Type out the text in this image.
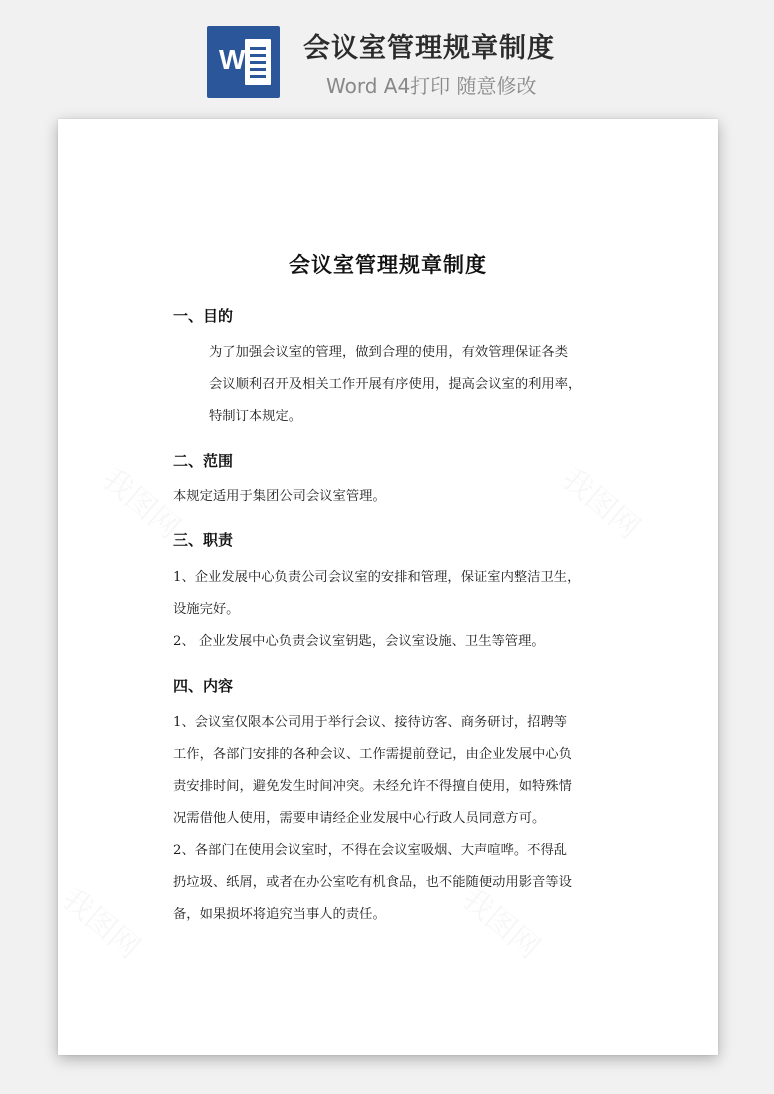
W 会议室管理规章制度
Word A4打印 随意修改
会议室管理规章制度
一、目的
为了加强会议室的管理，做到合理的使用，有效管理保证各类
会议顺利召开及相关工作开展有序使用，提高会议室的利用率，
特制订本规定。
二、范围
本规定适用于集团公司会议室管理。
三、职责
1、企业发展中心负责公司会议室的安排和管理，保证室内整洁卫生，
设施完好。
2、 企业发展中心负责会议室钥匙，会议室设施、卫生等管理。
四、内容
1、会议室仅限本公司用于举行会议、接待访客、商务研讨，招聘等
工作，各部门安排的各种会议、工作需提前登记，由企业发展中心负
责安排时间，避免发生时间冲突。未经允许不得擅自使用，如特殊情
况需借他人使用，需要申请经企业发展中心行政人员同意方可。
2、各部门在使用会议室时，不得在会议室吸烟、大声喧哗。不得乱
扔垃圾、纸屑，或者在办公室吃有机食品，也不能随便动用影音等设
备，如果损坏将追究当事人的责任。
